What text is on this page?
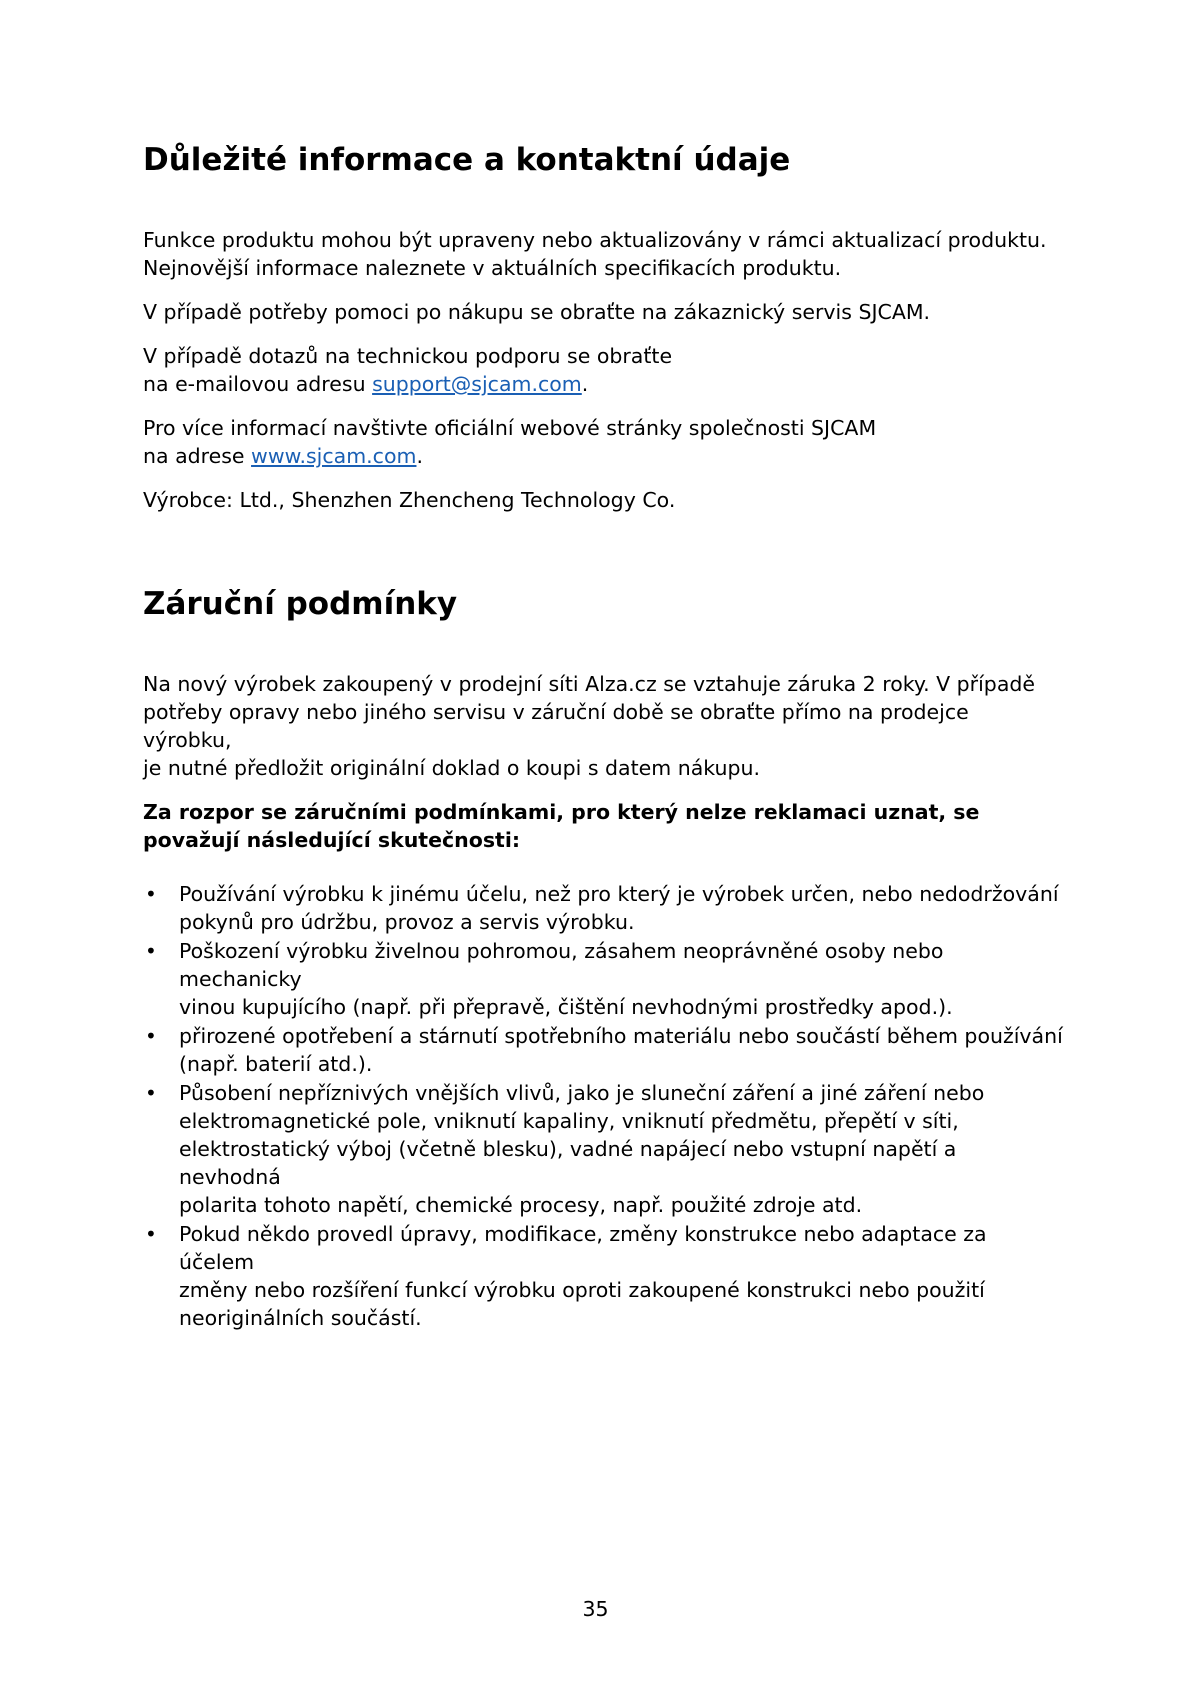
Důležité informace a kontaktní údaje

Funkce produktu mohou být upraveny nebo aktualizovány v rámci aktualizací produktu.
Nejnovější informace naleznete v aktuálních specifikacích produktu.

V případě potřeby pomoci po nákupu se obraťte na zákaznický servis SJCAM.

V případě dotazů na technickou podporu se obraťte
na e-mailovou adresu support@sjcam.com.

Pro více informací navštivte oficiální webové stránky společnosti SJCAM
na adrese www.sjcam.com.

Výrobce: Ltd., Shenzhen Zhencheng Technology Co.

Záruční podmínky

Na nový výrobek zakoupený v prodejní síti Alza.cz se vztahuje záruka 2 roky. V případě
potřeby opravy nebo jiného servisu v záruční době se obraťte přímo na prodejce výrobku,
je nutné předložit originální doklad o koupi s datem nákupu.

Za rozpor se záručními podmínkami, pro který nelze reklamaci uznat, se
považují následující skutečnosti:

• Používání výrobku k jinému účelu, než pro který je výrobek určen, nebo nedodržování
pokynů pro údržbu, provoz a servis výrobku.
• Poškození výrobku živelnou pohromou, zásahem neoprávněné osoby nebo mechanicky
vinou kupujícího (např. při přepravě, čištění nevhodnými prostředky apod.).
• přirozené opotřebení a stárnutí spotřebního materiálu nebo součástí během používání
(např. baterií atd.).
• Působení nepříznivých vnějších vlivů, jako je sluneční záření a jiné záření nebo
elektromagnetické pole, vniknutí kapaliny, vniknutí předmětu, přepětí v síti,
elektrostatický výboj (včetně blesku), vadné napájecí nebo vstupní napětí a nevhodná
polarita tohoto napětí, chemické procesy, např. použité zdroje atd.
• Pokud někdo provedl úpravy, modifikace, změny konstrukce nebo adaptace za účelem
změny nebo rozšíření funkcí výrobku oproti zakoupené konstrukci nebo použití
neoriginálních součástí.
35
